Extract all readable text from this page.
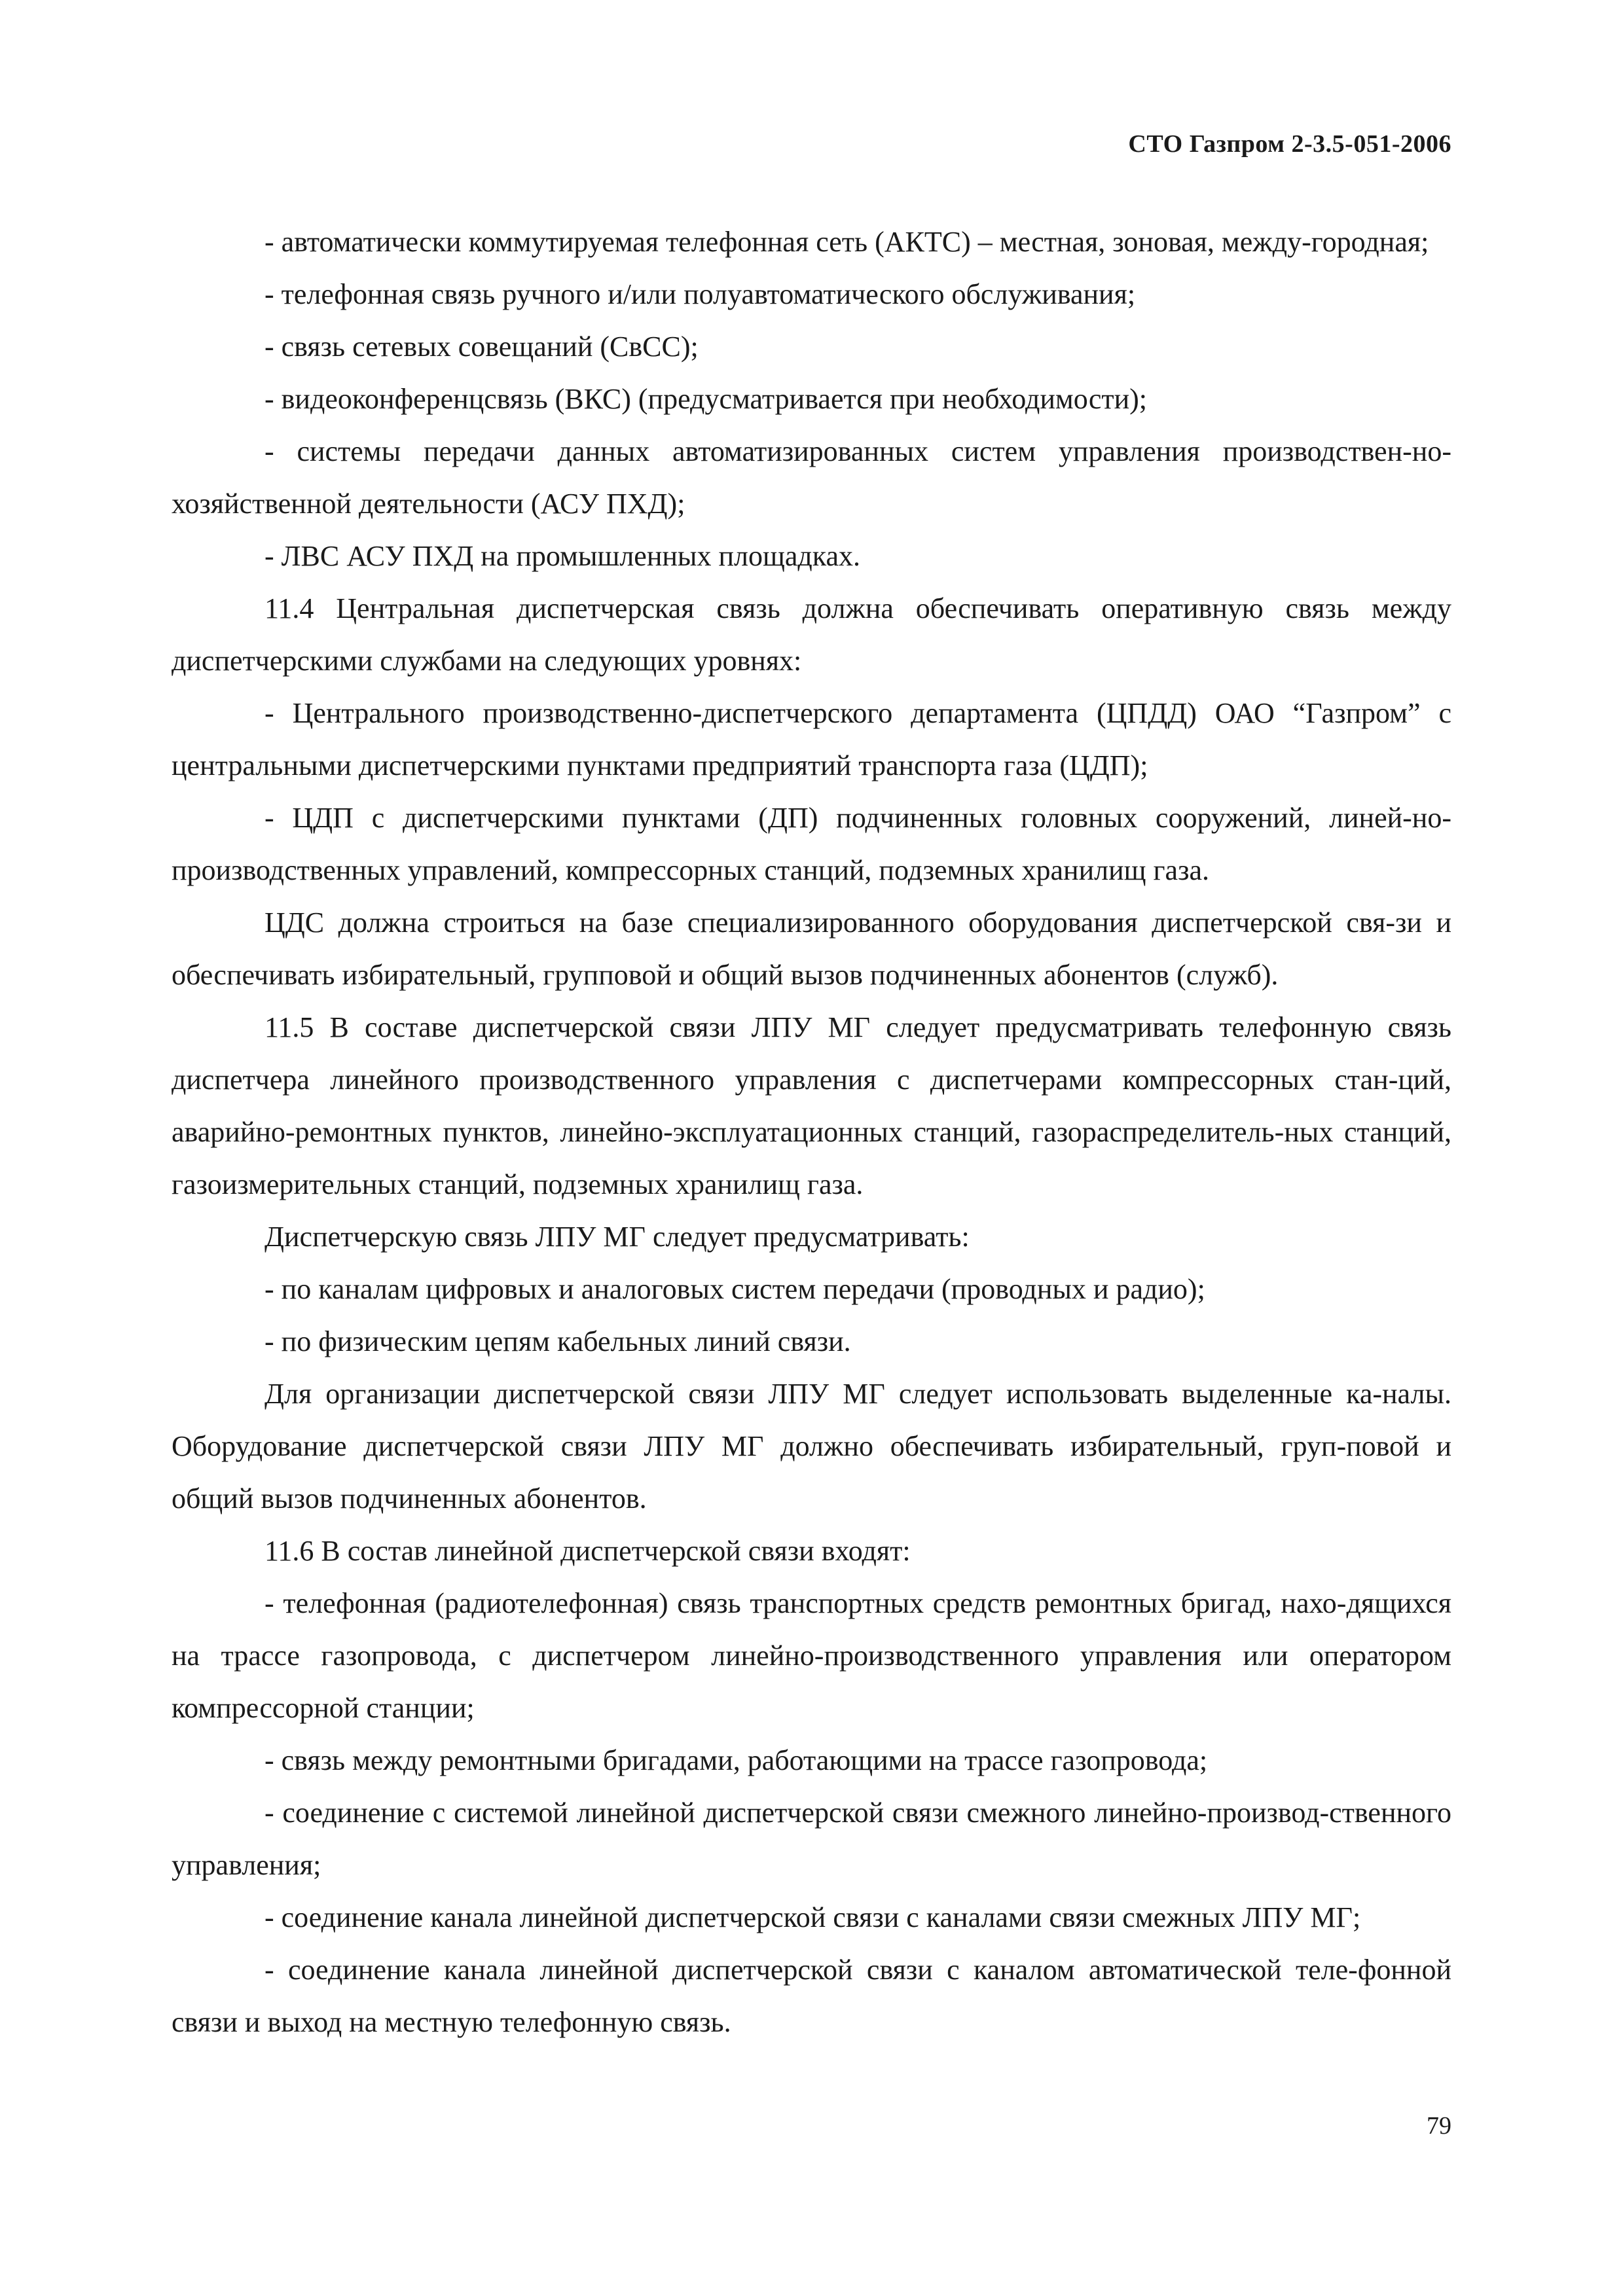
СТО Газпром 2-3.5-051-2006

- автоматически коммутируемая телефонная сеть (АКТС) – местная, зоновая, между-городная;

- телефонная связь ручного и/или полуавтоматического обслуживания;

- связь сетевых совещаний (СвСС);

- видеоконференцсвязь (ВКС) (предусматривается при необходимости);

- системы передачи данных автоматизированных систем управления производствен-но-хозяйственной деятельности (АСУ ПХД);

- ЛВС АСУ ПХД на промышленных площадках.

11.4 Центральная диспетчерская связь должна обеспечивать оперативную связь между диспетчерскими службами на следующих уровнях:

- Центрального производственно-диспетчерского департамента (ЦПДД) ОАО “Газпром” с центральными диспетчерскими пунктами предприятий транспорта газа (ЦДП);

- ЦДП с диспетчерскими пунктами (ДП) подчиненных головных сооружений, линей-но-производственных управлений, компрессорных станций, подземных хранилищ газа.

ЦДС должна строиться на базе специализированного оборудования диспетчерской свя-зи и обеспечивать избирательный, групповой и общий вызов подчиненных абонентов (служб).

11.5 В составе диспетчерской связи ЛПУ МГ следует предусматривать телефонную связь диспетчера линейного производственного управления с диспетчерами компрессорных стан-ций, аварийно-ремонтных пунктов, линейно-эксплуатационных станций, газораспределитель-ных станций, газоизмерительных станций, подземных хранилищ газа.

Диспетчерскую связь ЛПУ МГ следует предусматривать:

- по каналам цифровых и аналоговых систем передачи (проводных и радио);

- по физическим цепям кабельных линий связи.

Для организации диспетчерской связи ЛПУ МГ следует использовать выделенные ка-налы. Оборудование диспетчерской связи ЛПУ МГ должно обеспечивать избирательный, груп-повой и общий вызов подчиненных абонентов.

11.6 В состав линейной диспетчерской связи входят:

- телефонная (радиотелефонная) связь транспортных средств ремонтных бригад, нахо-дящихся на трассе газопровода, с диспетчером линейно-производственного управления или оператором компрессорной станции;

- связь между ремонтными бригадами, работающими на трассе газопровода;

- соединение с системой линейной диспетчерской связи смежного линейно-производ-ственного управления;

- соединение канала линейной диспетчерской связи с каналами связи смежных ЛПУ МГ;

- соединение канала линейной диспетчерской связи с каналом автоматической теле-фонной связи и выход на местную телефонную связь.

79
